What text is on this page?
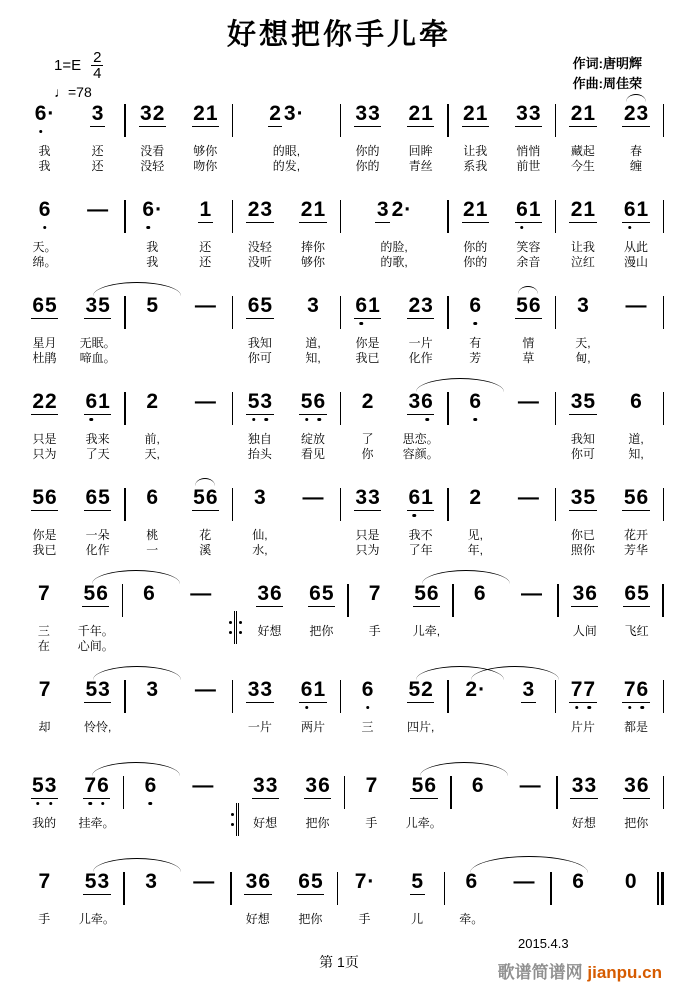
好想把你手儿牵
$1=E \frac{2}{4}$
♩=78
作词:唐明辉
作曲:周佳荣
6 ·
我
我
3
还
还
3 2
没看
没轻
2 1
够你
吻你
2 3 ·
的眼,
的发,
3 3
你的
你的
2 1
回眸
青丝
2 1
让我
系我
3 3
悄悄
前世
2 1
藏起
今生
2 3
春
缠
6
天。
绵。
— 6 ·
我
我
1
还
还
2 3
没轻
没听
2 1
捧你
够你
3 2 ·
的脸,
的歌,
2 1
你的
你的
6 1
笑容
余音
2 1
让我
泣红
6 1
从此
漫山
6 5
星月
杜鹃
3 5
无眠。
啼血。
5 — 6 5
我知
你可
3
道,
知,
6 1
你是
我已
2 3
一片
化作
6
有
芳
5 6
情
草
3
天,
甸,
—
2 2
只是
只为
6 1
我来
了天
2
前,
天,
— 5 3
独自
抬头
5 6
绽放
看见
2
了
你
3 6
思恋。
容颜。
6 — 3 5
我知
你可
6
道,
知,
5 6
你是
我已
6 5
一朵
化作
6
桃
一
5 6
花
溪
3
仙,
水,
— 3 3
只是
只为
6 1
我不
了年
2
见,
年,
— 3 5
你已
照你
5 6
花开
芳华
7
三
在
5 6
千年。
心间。
6 — 3 6
好想
6 5
把你
7
手
5 6
儿牵,
6 — 3 6
人间
6 5
飞红
7
却
5 3
怜怜,
3 — 3 3
一片
6 1
两片
6
三
5 2
四片,
2 · 3 7 7
片片
7 6
都是
5 3
我的
7 6
挂牵。
6 — 3 3
好想
3 6
把你
7
手
5 6
儿牵。
6 — 3 3
好想
3 6
把你
7
手
5 3
儿牵。
3 — 3 6
好想
6 5
把你
7 ·
手
5
儿
6
牵。
— 6 0
2015.4.3
第 1页
歌谱简谱网 jianpu.cn
